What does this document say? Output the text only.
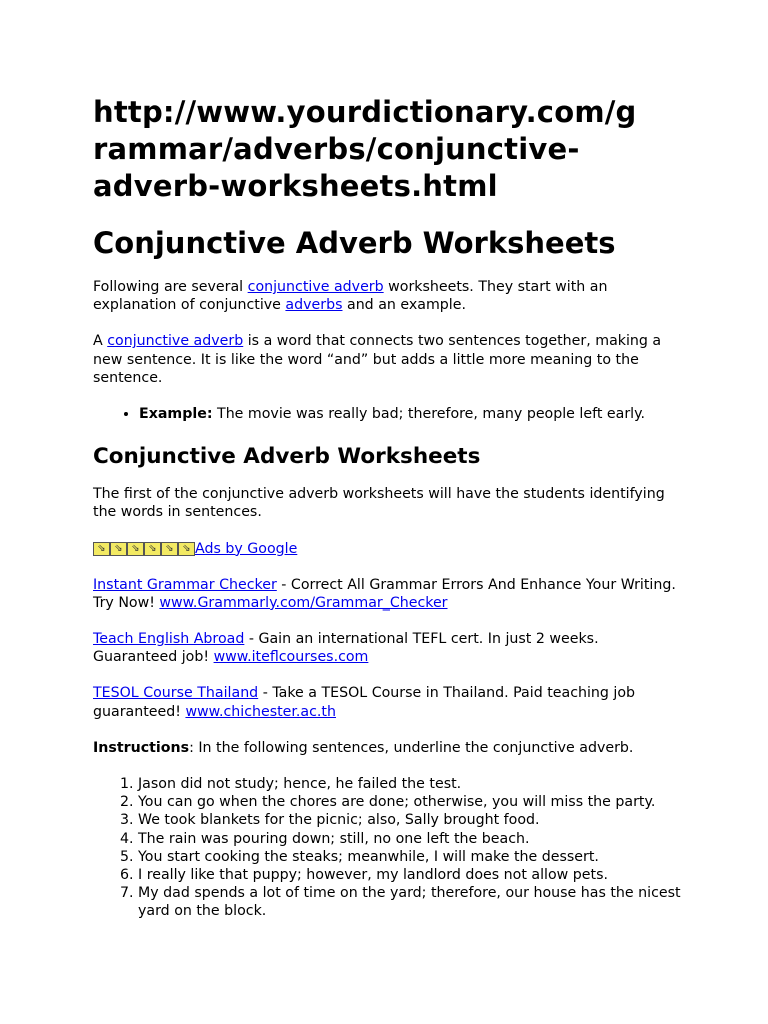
http://www.yourdictionary.com/g
rammar/adverbs/conjunctive-
adverb-worksheets.html
Conjunctive Adverb Worksheets

Following are several conjunctive adverb worksheets. They start with an explanation of conjunctive adverbs and an example.

A conjunctive adverb is a word that connects two sentences together, making a new sentence. It is like the word “and” but adds a little more meaning to the sentence.

• Example: The movie was really bad; therefore, many people left early.
Conjunctive Adverb Worksheets

The first of the conjunctive adverb worksheets will have the students identifying the words in sentences.

⇘ ⇘ ⇘ ⇘ ⇘ ⇘ Ads by Google

Instant Grammar Checker - Correct All Grammar Errors And Enhance Your Writing. Try Now! www.Grammarly.com/Grammar_Checker

Teach English Abroad - Gain an international TEFL cert. In just 2 weeks. Guaranteed job! www.iteflcourses.com

TESOL Course Thailand - Take a TESOL Course in Thailand. Paid teaching job guaranteed! www.chichester.ac.th

Instructions: In the following sentences, underline the conjunctive adverb.

1. Jason did not study; hence, he failed the test.
2. You can go when the chores are done; otherwise, you will miss the party.
3. We took blankets for the picnic; also, Sally brought food.
4. The rain was pouring down; still, no one left the beach.
5. You start cooking the steaks; meanwhile, I will make the dessert.
6. I really like that puppy; however, my landlord does not allow pets.
7. My dad spends a lot of time on the yard; therefore, our house has the nicest yard on the block.
